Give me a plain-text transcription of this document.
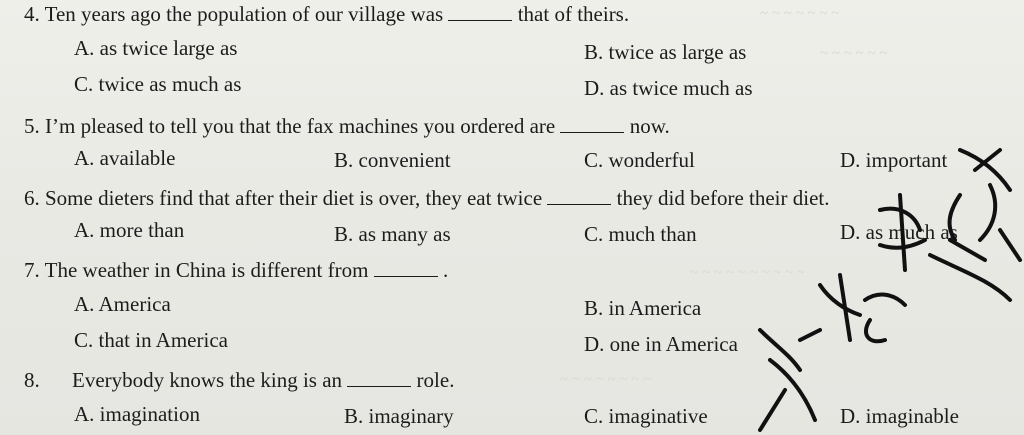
~ ~ ~ ~ ~ ~ ~
~ ~ ~ ~ ~ ~
~ ~ ~ ~ ~ ~ ~ ~ ~ ~
~ ~ ~ ~ ~ ~ ~ ~
4. Ten years ago the population of our village was	that of theirs.
A. as twice large as	B. twice as large as
C. twice as much as	D. as twice much as
5. I’m pleased to tell you that the fax machines you ordered are	now.
A. available	B. convenient	C. wonderful	D. important
6. Some dieters find that after their diet is over, they eat twice	they did before their diet.
A. more than	B. as many as	C. much than	D. as much as
7. The weather in China is different from	.
A. America	B. in America
C. that in America	D. one in America
8. Everybody knows the king is an	role.
A. imagination	B. imaginary	C. imaginative	D. imaginable
